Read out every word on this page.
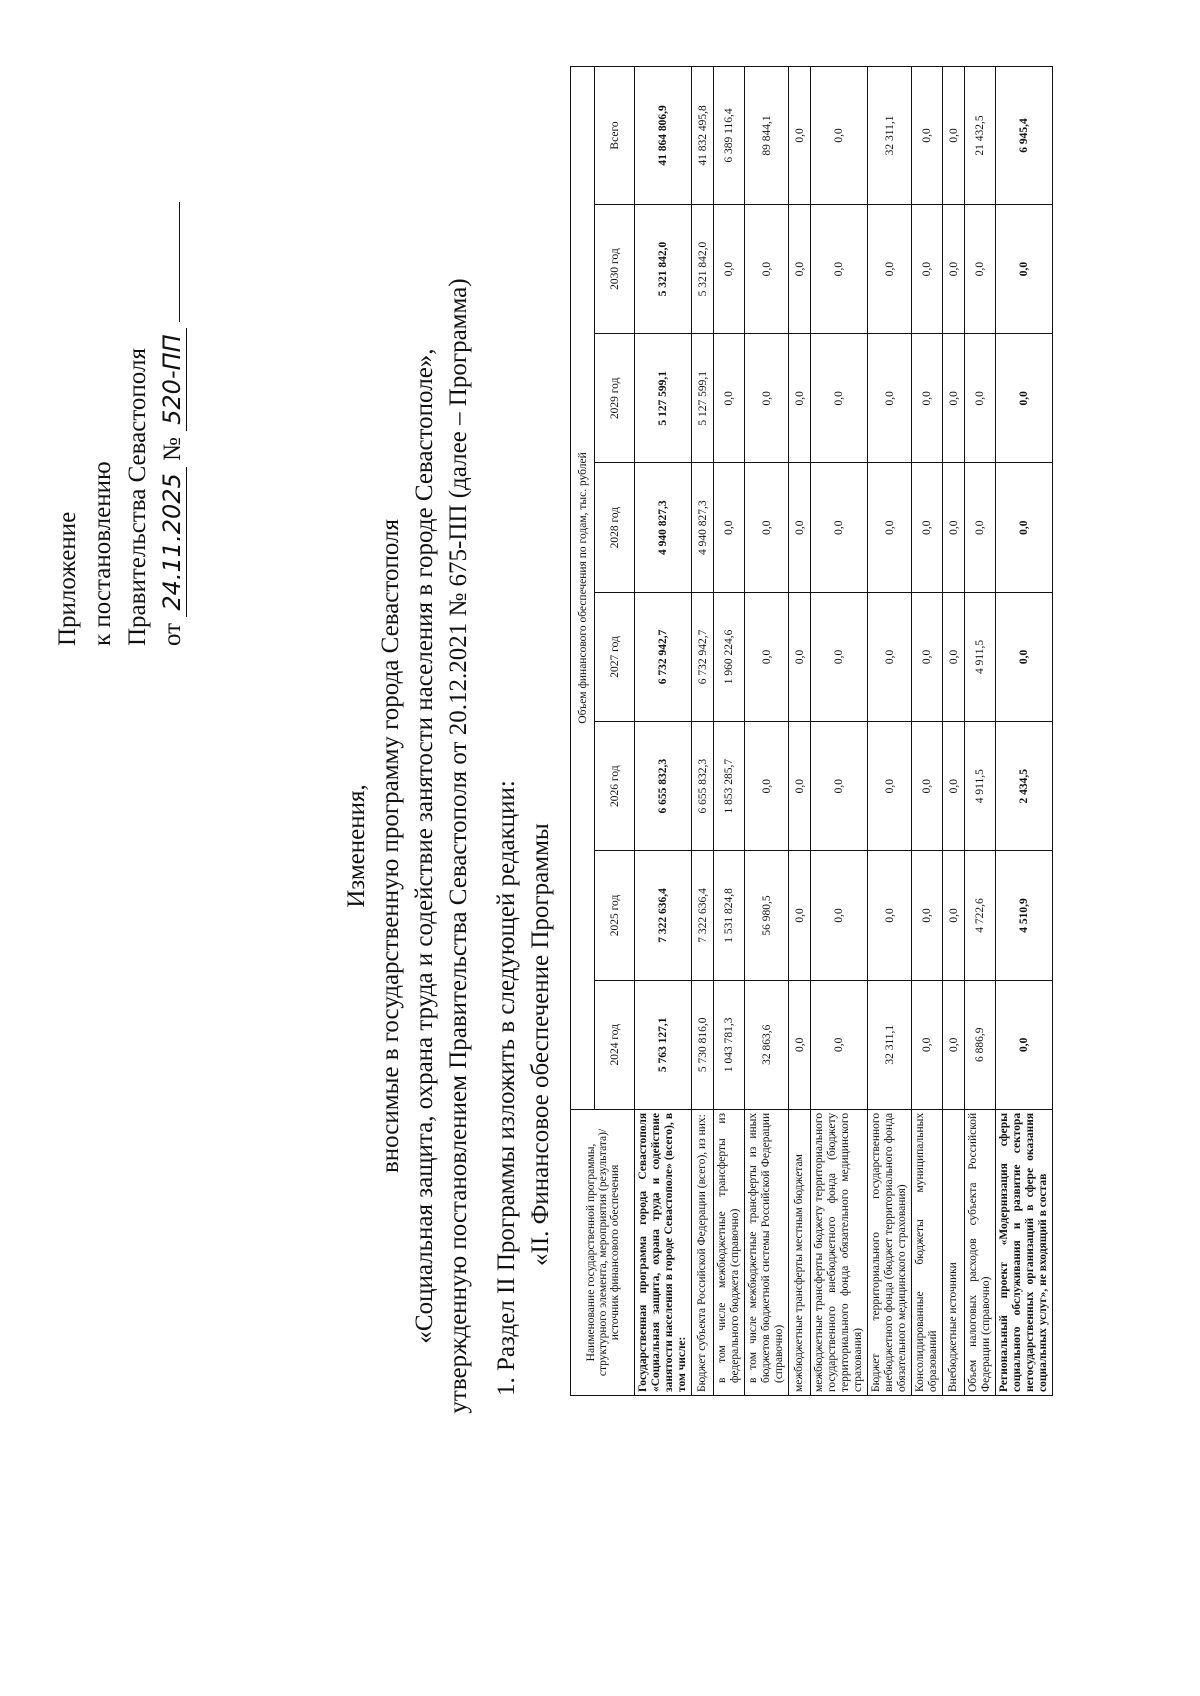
Приложение к постановлению Правительства Севастополя от 24.11.2025 № 520-ПП
Изменения, вносимые в государственную программу города Севастополя «Социальная защита, охрана труда и содействие занятости населения в городе Севастополе», утвержденную постановлением Правительства Севастополя от 20.12.2021 № 675-ПП (далее – Программа) 1. Раздел II Программы изложить в следующей редакции: «II. Финансовое обеспечение Программы	Наименование государственной программы, структурного элемента, мероприятия (результата)/источник финансового обеспечения	Объем финансового обеспечения по годам, тыс. рублей							
	2024 год	2025 год	2026 год	2027 год	2028 год	2029 год	2030 год	Всего
Государственная программа города Севастополя «Социальная защита, охрана труда и содействие занятости населения в городе Севастополе» (всего), в том числе:	5 763 127,1	7 322 636,4	6 655 832,3	6 732 942,7	4 940 827,3	5 127 599,1	5 321 842,0	41 864 806,9
Бюджет субъекта Российской Федерации (всего), из них:	5 730 816,0	7 322 636,4	6 655 832,3	6 732 942,7	4 940 827,3	5 127 599,1	5 321 842,0	41 832 495,8
в том числе межбюджетные трансферты из федерального бюджета (справочно)	1 043 781,3	1 531 824,8	1 853 285,7	1 960 224,6	0,0	0,0	0,0	6 389 116,4
в том числе межбюджетные трансферты из иных бюджетов бюджетной системы Российской Федерации (справочно)	32 863,6	56 980,5	0,0	0,0	0,0	0,0	0,0	89 844,1
межбюджетные трансферты местным бюджетам	0,0	0,0	0,0	0,0	0,0	0,0	0,0	0,0
межбюджетные трансферты бюджету территориального государственного внебюджетного фонда (бюджету территориального фонда обязательного медицинского страхования)	0,0	0,0	0,0	0,0	0,0	0,0	0,0	0,0
Бюджет территориального государственного внебюджетного фонда (бюджет территориального фонда обязательного медицинского страхования)	32 311,1	0,0	0,0	0,0	0,0	0,0	0,0	32 311,1
Консолидированные бюджеты муниципальных образований	0,0	0,0	0,0	0,0	0,0	0,0	0,0	0,0
Внебюджетные источники	0,0	0,0	0,0	0,0	0,0	0,0	0,0	0,0
Объем налоговых расходов субъекта Российской Федерации (справочно)	6 886,9	4 722,6	4 911,5	4 911,5	0,0	0,0	0,0	21 432,5
Региональный проект «Модернизация сферы социального обслуживания и развитие сектора негосударственных организаций в сфере оказания социальных услуг», не входящий в состав	0,0	4 510,9	2 434,5	0,0	0,0	0,0	0,0	6 945,4
